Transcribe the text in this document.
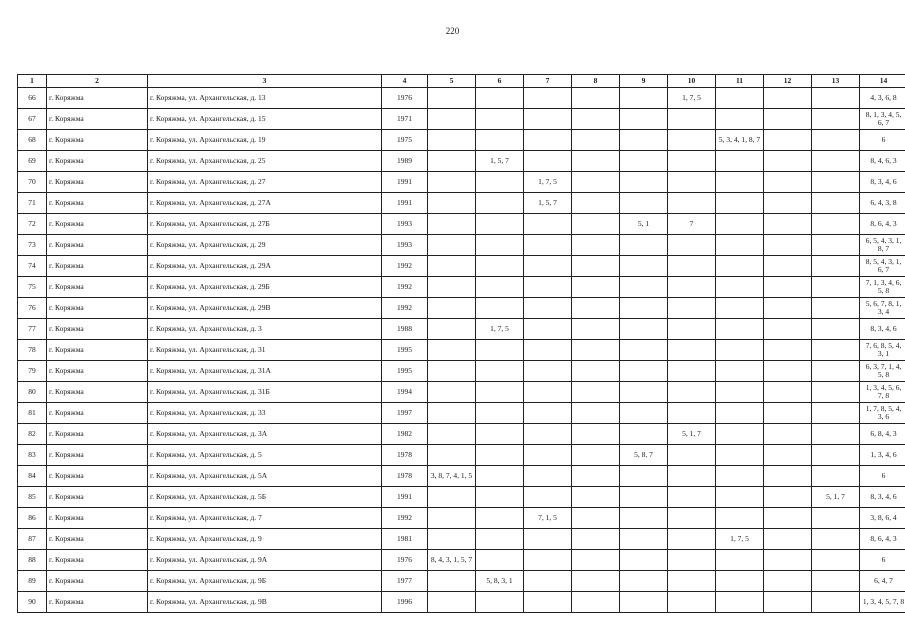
220
1	2	3	4	5	6	7	8	9	10	11	12	13	14
66	г. Коряжма	г. Коряжма, ул. Архангельская, д. 13	1976						1, 7, 5				4, 3, 6, 8
67	г. Коряжма	г. Коряжма, ул. Архангельская, д. 15	1971										8, 1, 3, 4, 5, 6, 7
68	г. Коряжма	г. Коряжма, ул. Архангельская, д. 19	1975							5, 3, 4, 1, 8, 7			6
69	г. Коряжма	г. Коряжма, ул. Архангельская, д. 25	1989		1, 5, 7								8, 4, 6, 3
70	г. Коряжма	г. Коряжма, ул. Архангельская, д. 27	1991			1, 7, 5							8, 3, 4, 6
71	г. Коряжма	г. Коряжма, ул. Архангельская, д. 27А	1991			1, 5, 7							6, 4, 3, 8
72	г. Коряжма	г. Коряжма, ул. Архангельская, д. 27Б	1993					5, 1	7				8, 6, 4, 3
73	г. Коряжма	г. Коряжма, ул. Архангельская, д. 29	1993										6, 5, 4, 3, 1, 8, 7
74	г. Коряжма	г. Коряжма, ул. Архангельская, д. 29А	1992										8, 5, 4, 3, 1, 6, 7
75	г. Коряжма	г. Коряжма, ул. Архангельская, д. 29Б	1992										7, 1, 3, 4, 6, 5, 8
76	г. Коряжма	г. Коряжма, ул. Архангельская, д. 29В	1992										5, 6, 7, 8, 1, 3, 4
77	г. Коряжма	г. Коряжма, ул. Архангельская, д. 3	1988		1, 7, 5								8, 3, 4, 6
78	г. Коряжма	г. Коряжма, ул. Архангельская, д. 31	1995										7, 6, 8, 5, 4, 3, 1
79	г. Коряжма	г. Коряжма, ул. Архангельская, д. 31А	1995										6, 3, 7, 1, 4, 5, 8
80	г. Коряжма	г. Коряжма, ул. Архангельская, д. 31Б	1994										1, 3, 4, 5, 6, 7, 8
81	г. Коряжма	г. Коряжма, ул. Архангельская, д. 33	1997										1, 7, 8, 5, 4, 3, 6
82	г. Коряжма	г. Коряжма, ул. Архангельская, д. 3А	1982						5, 1, 7				6, 8, 4, 3
83	г. Коряжма	г. Коряжма, ул. Архангельская, д. 5	1978					5, 8, 7					1, 3, 4, 6
84	г. Коряжма	г. Коряжма, ул. Архангельская, д. 5А	1978	3, 8, 7, 4, 1, 5									6
85	г. Коряжма	г. Коряжма, ул. Архангельская, д. 5Б	1991									5, 1, 7	8, 3, 4, 6
86	г. Коряжма	г. Коряжма, ул. Архангельская, д. 7	1992			7, 1, 5							3, 8, 6, 4
87	г. Коряжма	г. Коряжма, ул. Архангельская, д. 9	1981							1, 7, 5			8, 6, 4, 3
88	г. Коряжма	г. Коряжма, ул. Архангельская, д. 9А	1976	8, 4, 3, 1, 5, 7									6
89	г. Коряжма	г. Коряжма, ул. Архангельская, д. 9Б	1977		5, 8, 3, 1								6, 4, 7
90	г. Коряжма	г. Коряжма, ул. Архангельская, д. 9В	1996										1, 3, 4, 5, 7, 8
